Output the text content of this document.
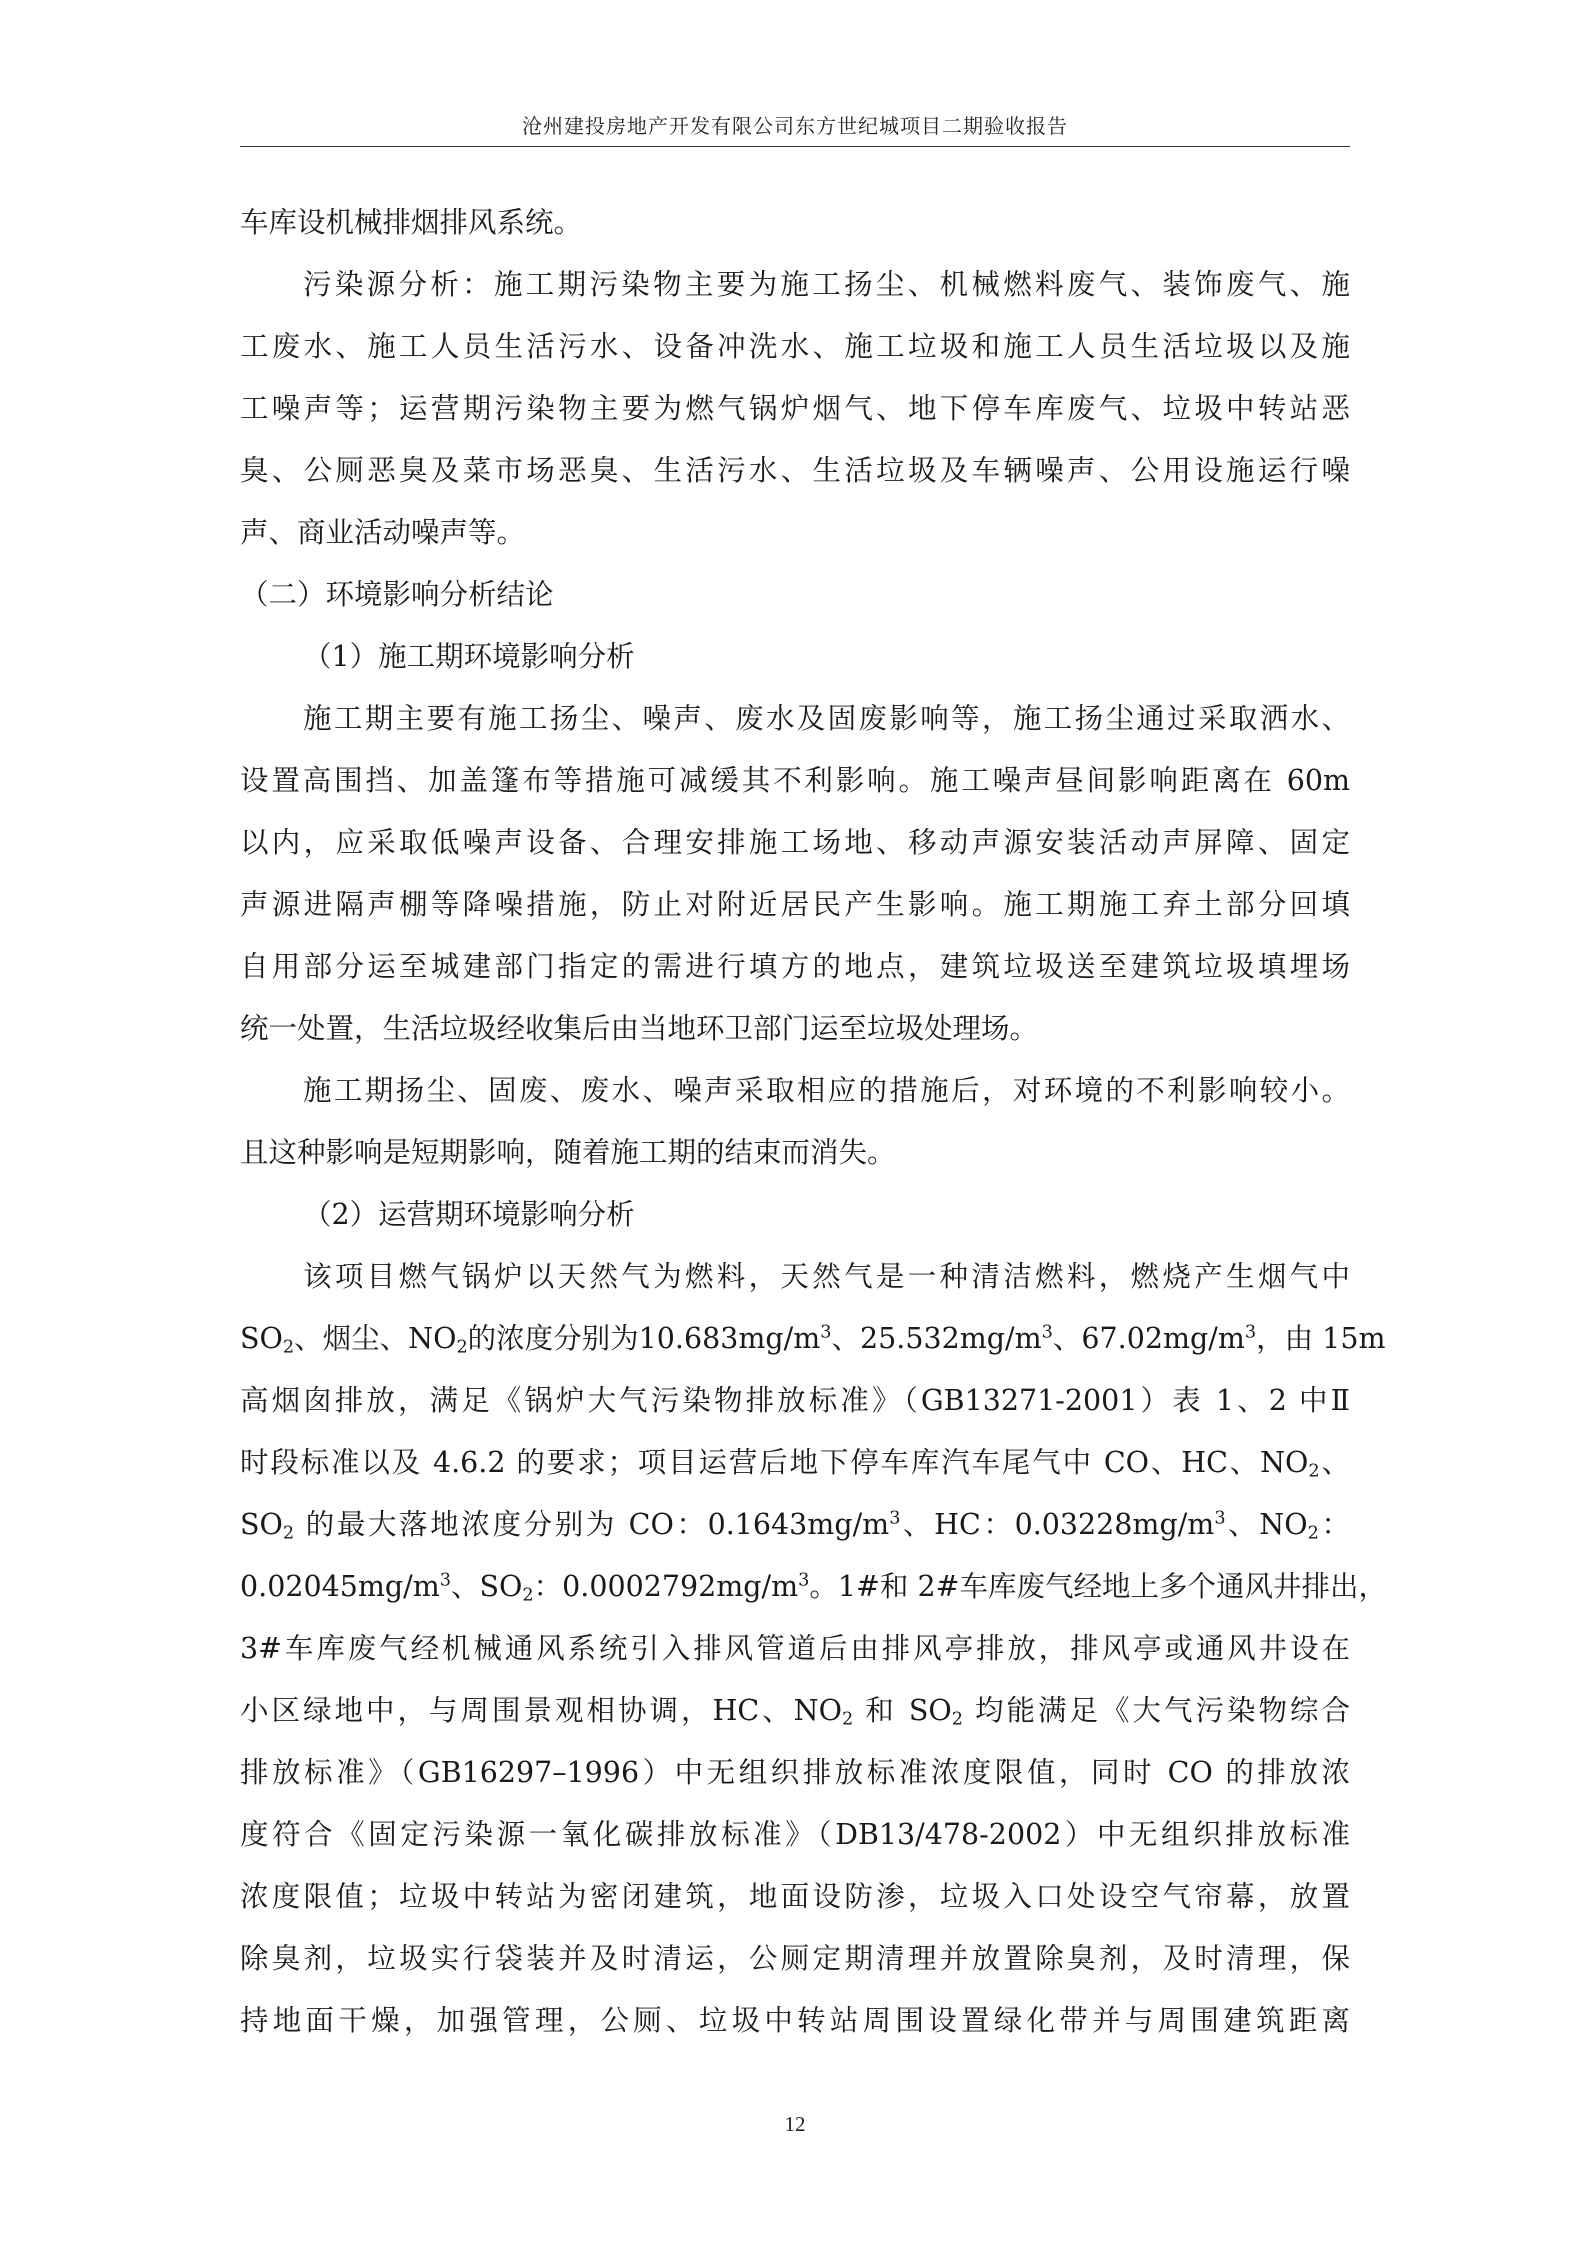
沧州建投房地产开发有限公司东方世纪城项目二期验收报告
车库设机械排烟排风系统。
污染源分析：施工期污染物主要为施工扬尘、机械燃料废气、装饰废气、施
工废水、施工人员生活污水、设备冲洗水、施工垃圾和施工人员生活垃圾以及施
工噪声等；运营期污染物主要为燃气锅炉烟气、地下停车库废气、垃圾中转站恶
臭、公厕恶臭及菜市场恶臭、生活污水、生活垃圾及车辆噪声、公用设施运行噪
声、商业活动噪声等。
（二）环境影响分析结论
（1）施工期环境影响分析
施工期主要有施工扬尘、噪声、废水及固废影响等，施工扬尘通过采取洒水、
设置高围挡、加盖篷布等措施可减缓其不利影响。施工噪声昼间影响距离在 60m
以内，应采取低噪声设备、合理安排施工场地、移动声源安装活动声屏障、固定
声源进隔声棚等降噪措施，防止对附近居民产生影响。施工期施工弃土部分回填
自用部分运至城建部门指定的需进行填方的地点，建筑垃圾送至建筑垃圾填埋场
统一处置，生活垃圾经收集后由当地环卫部门运至垃圾处理场。
施工期扬尘、固废、废水、噪声采取相应的措施后，对环境的不利影响较小。
且这种影响是短期影响，随着施工期的结束而消失。
（2）运营期环境影响分析
该项目燃气锅炉以天然气为燃料，天然气是一种清洁燃料，燃烧产生烟气中
$SO_2$、烟尘、$NO_2$的浓度分别为$10.683mg/m^3$、$25.532mg/m^3$、$67.02mg/m^3$，由 15m
高烟囱排放，满足《锅炉大气污染物排放标准》（GB13271-2001）表 1、2 中Ⅱ
时段标准以及 4.6.2 的要求；项目运营后地下停车库汽车尾气中 CO、HC、$NO_2$、
$SO_2$ 的最大落地浓度分别为 CO：$0.1643mg/m^3$、HC：$0.03228mg/m^3$、$NO_2$：
$0.02045mg/m^3$、$SO_2$：$0.0002792mg/m^3$。1#和 2#车库废气经地上多个通风井排出，
3#车库废气经机械通风系统引入排风管道后由排风亭排放，排风亭或通风井设在
小区绿地中，与周围景观相协调，HC、$NO_2$ 和 $SO_2$ 均能满足《大气污染物综合
排放标准》（GB16297–1996）中无组织排放标准浓度限值，同时 CO 的排放浓
度符合《固定污染源一氧化碳排放标准》（DB13/478-2002）中无组织排放标准
浓度限值；垃圾中转站为密闭建筑，地面设防渗，垃圾入口处设空气帘幕，放置
除臭剂，垃圾实行袋装并及时清运，公厕定期清理并放置除臭剂，及时清理，保
持地面干燥，加强管理，公厕、垃圾中转站周围设置绿化带并与周围建筑距离
12
